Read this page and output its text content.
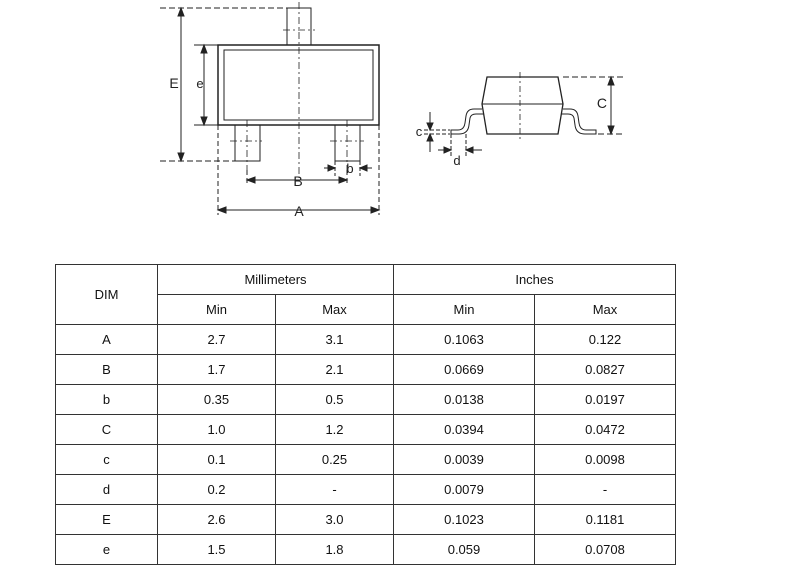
E e
B
b
A
C
c
d
DIM	Millimeters		Inches	
	Min	Max	Min	Max
A	2.7	3.1	0.1063	0.122
B	1.7	2.1	0.0669	0.0827
b	0.35	0.5	0.0138	0.0197
C	1.0	1.2	0.0394	0.0472
c	0.1	0.25	0.0039	0.0098
d	0.2	-	0.0079	-
E	2.6	3.0	0.1023	0.1181
e	1.5	1.8	0.059	0.0708
